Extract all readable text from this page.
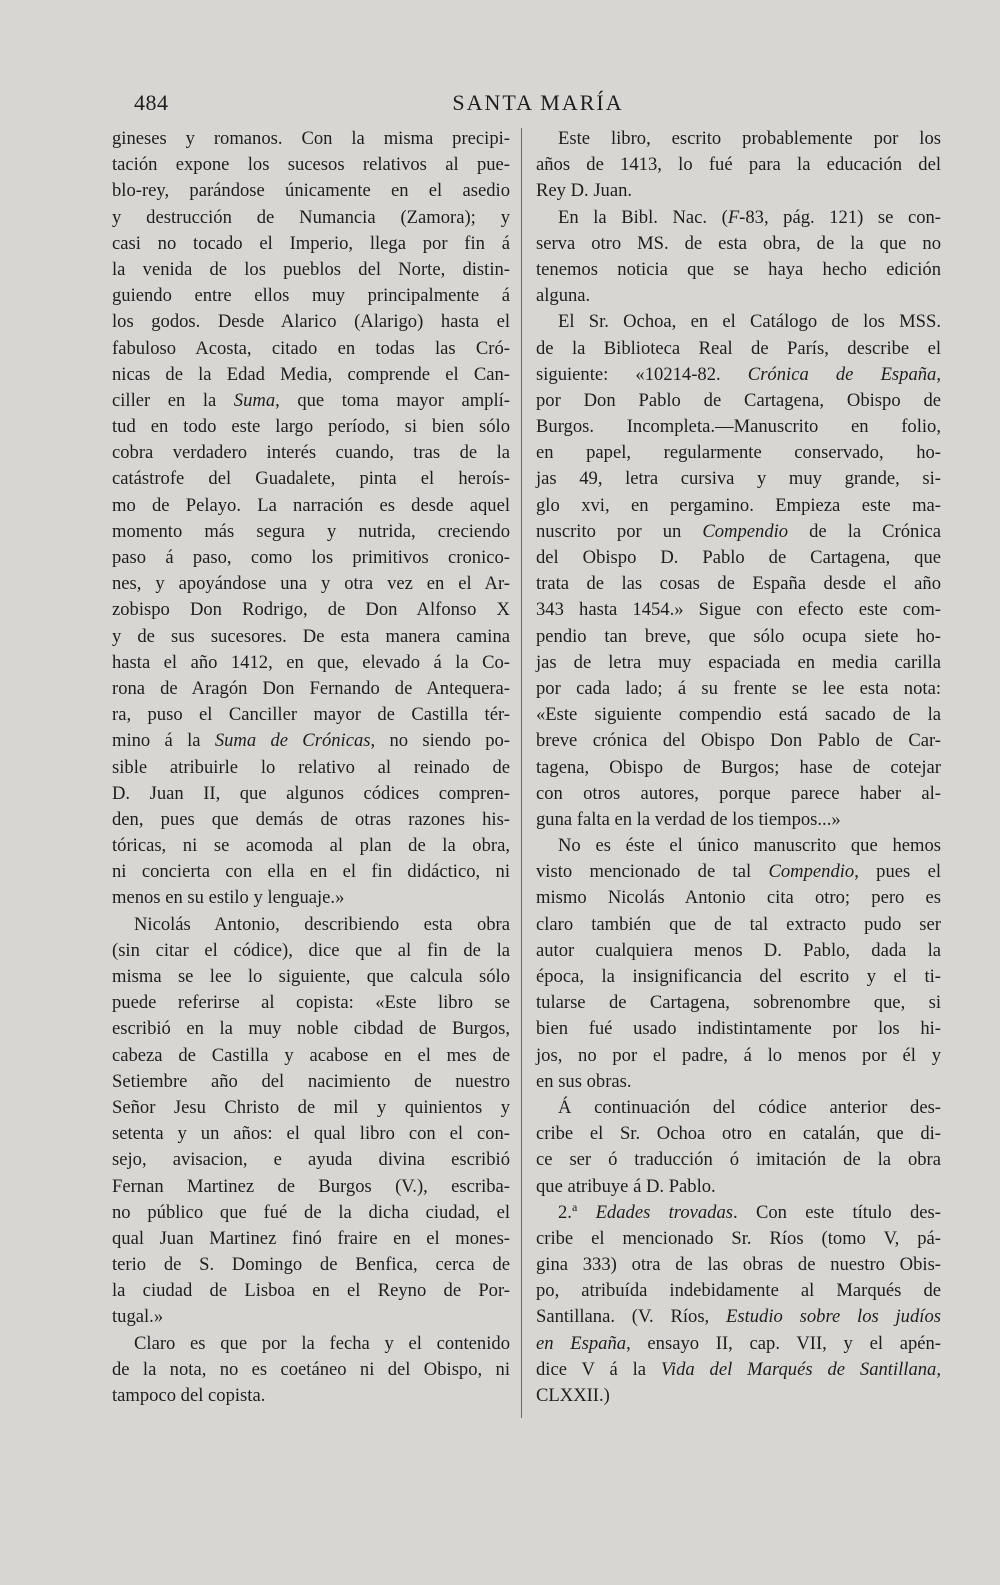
484	SANTA MARÍA
gineses y romanos. Con la misma precipi-
tación expone los sucesos relativos al pue-
blo-rey, parándose únicamente en el asedio
y destrucción de Numancia (Zamora); y
casi no tocado el Imperio, llega por fin á
la venida de los pueblos del Norte, distin-
guiendo entre ellos muy principalmente á
los godos. Desde Alarico (Alarigo) hasta el
fabuloso Acosta, citado en todas las Cró-
nicas de la Edad Media, comprende el Can-
ciller en la Suma, que toma mayor amplí-
tud en todo este largo período, si bien sólo
cobra verdadero interés cuando, tras de la
catástrofe del Guadalete, pinta el heroís-
mo de Pelayo. La narración es desde aquel
momento más segura y nutrida, creciendo
paso á paso, como los primitivos cronico-
nes, y apoyándose una y otra vez en el Ar-
zobispo Don Rodrigo, de Don Alfonso X
y de sus sucesores. De esta manera camina
hasta el año 1412, en que, elevado á la Co-
rona de Aragón Don Fernando de Antequera-
ra, puso el Canciller mayor de Castilla tér-
mino á la Suma de Crónicas, no siendo po-
sible atribuirle lo relativo al reinado de
D. Juan II, que algunos códices compren-
den, pues que demás de otras razones his-
tóricas, ni se acomoda al plan de la obra,
ni concierta con ella en el fin didáctico, ni
menos en su estilo y lenguaje.»
Nicolás Antonio, describiendo esta obra
(sin citar el códice), dice que al fin de la
misma se lee lo siguiente, que calcula sólo
puede referirse al copista: «Este libro se
escribió en la muy noble cibdad de Burgos,
cabeza de Castilla y acabose en el mes de
Setiembre año del nacimiento de nuestro
Señor Jesu Christo de mil y quinientos y
setenta y un años: el qual libro con el con-
sejo, avisacion, e ayuda divina escribió
Fernan Martinez de Burgos (V.), escriba-
no público que fué de la dicha ciudad, el
qual Juan Martinez finó fraire en el mones-
terio de S. Domingo de Benfica, cerca de
la ciudad de Lisboa en el Reyno de Por-
tugal.»
Claro es que por la fecha y el contenido
de la nota, no es coetáneo ni del Obispo, ni
tampoco del copista.
Este libro, escrito probablemente por los
años de 1413, lo fué para la educación del
Rey D. Juan.
En la Bibl. Nac. (F-83, pág. 121) se con-
serva otro MS. de esta obra, de la que no
tenemos noticia que se haya hecho edición
alguna.
El Sr. Ochoa, en el Catálogo de los MSS.
de la Biblioteca Real de París, describe el
siguiente: «10214-82. Crónica de España,
por Don Pablo de Cartagena, Obispo de
Burgos. Incompleta.—Manuscrito en folio,
en papel, regularmente conservado, ho-
jas 49, letra cursiva y muy grande, si-
glo xvi, en pergamino. Empieza este ma-
nuscrito por un Compendio de la Crónica
del Obispo D. Pablo de Cartagena, que
trata de las cosas de España desde el año
343 hasta 1454.» Sigue con efecto este com-
pendio tan breve, que sólo ocupa siete ho-
jas de letra muy espaciada en media carilla
por cada lado; á su frente se lee esta nota:
«Este siguiente compendio está sacado de la
breve crónica del Obispo Don Pablo de Car-
tagena, Obispo de Burgos; hase de cotejar
con otros autores, porque parece haber al-
guna falta en la verdad de los tiempos...»
No es éste el único manuscrito que hemos
visto mencionado de tal Compendio, pues el
mismo Nicolás Antonio cita otro; pero es
claro también que de tal extracto pudo ser
autor cualquiera menos D. Pablo, dada la
época, la insignificancia del escrito y el ti-
tularse de Cartagena, sobrenombre que, si
bien fué usado indistintamente por los hi-
jos, no por el padre, á lo menos por él y
en sus obras.
Á continuación del códice anterior des-
cribe el Sr. Ochoa otro en catalán, que di-
ce ser ó traducción ó imitación de la obra
que atribuye á D. Pablo.
2.$^a$ Edades trovadas. Con este título des-
cribe el mencionado Sr. Ríos (tomo V, pá-
gina 333) otra de las obras de nuestro Obis-
po, atribuída indebidamente al Marqués de
Santillana. (V. Ríos, Estudio sobre los judíos
en España, ensayo II, cap. VII, y el apén-
dice V á la Vida del Marqués de Santillana,
CLXXII.)
